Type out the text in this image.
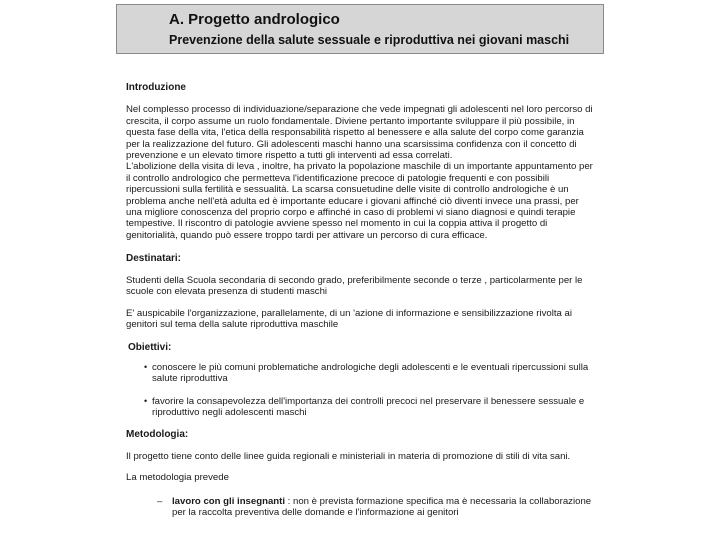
A. Progetto andrologico
Prevenzione della salute sessuale e riproduttiva nei giovani maschi

Introduzione

Nel complesso processo di individuazione/separazione che vede impegnati gli adolescenti nel loro percorso di crescita, il corpo assume un ruolo fondamentale. Diviene pertanto importante sviluppare il più possibile, in questa fase della vita, l'etica della responsabilità rispetto al benessere e alla salute del corpo come garanzia per la realizzazione del futuro. Gli adolescenti maschi hanno una scarsissima confidenza con il concetto di prevenzione e un elevato timore rispetto a tutti gli interventi ad essa correlati.

L'abolizione della visita di leva , inoltre, ha privato la popolazione maschile di un importante appuntamento per il controllo andrologico che permetteva l'identificazione precoce di patologie frequenti e con possibili ripercussioni sulla fertilità e sessualità. La scarsa consuetudine delle visite di controllo andrologiche è un problema anche nell'età adulta ed è importante educare i giovani affinché ciò diventi invece una prassi, per una migliore conoscenza del proprio corpo e affinché in caso di problemi vi siano diagnosi e quindi terapie tempestive. Il riscontro di patologie avviene spesso nel momento in cui la coppia attiva il progetto di genitorialità, quando può essere troppo tardi per attivare un percorso di cura efficace.

Destinatari:

Studenti della Scuola secondaria di secondo grado, preferibilmente seconde o terze , particolarmente per le scuole con elevata presenza di studenti maschi

E' auspicabile l'organizzazione, parallelamente, di un 'azione di informazione e sensibilizzazione rivolta ai genitori sul tema della salute riproduttiva maschile

Obiettivi:

• conoscere le più comuni problematiche andrologiche degli adolescenti e le eventuali ripercussioni sulla salute riproduttiva
• favorire la consapevolezza dell'importanza dei controlli precoci nel preservare il benessere sessuale e riproduttivo negli adolescenti maschi

Metodologia:

Il progetto tiene conto delle linee guida regionali e ministeriali in materia di promozione di stili di vita sani.

La metodologia prevede

– lavoro con gli insegnanti : non è prevista formazione specifica ma è necessaria la collaborazione per la raccolta preventiva delle domande e l'informazione ai genitori
